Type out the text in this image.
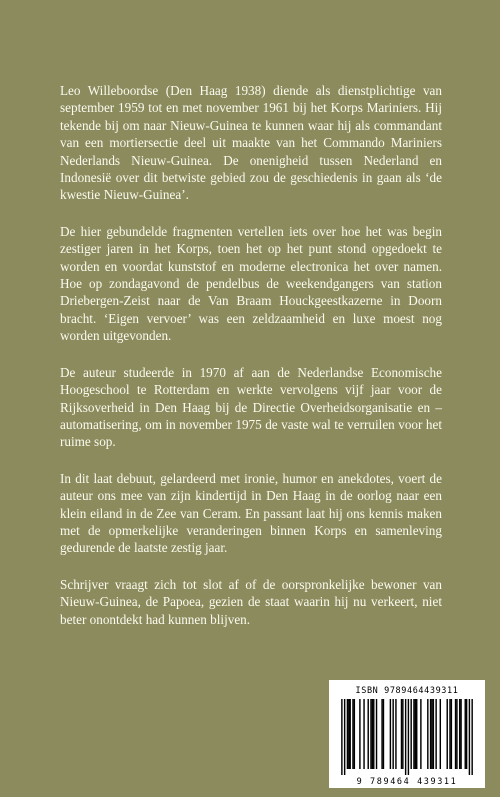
Leo Willeboordse (Den Haag 1938) diende als dienstplichtige van september 1959 tot en met november 1961 bij het Korps Mariniers. Hij tekende bij om naar Nieuw-Guinea te kunnen waar hij als commandant van een mortiersectie deel uit maakte van het Commando Mariniers Nederlands Nieuw-Guinea. De onenigheid tussen Nederland en Indonesië over dit betwiste gebied zou de geschiedenis in gaan als ‘de kwestie Nieuw-Guinea’.

De hier gebundelde fragmenten vertellen iets over hoe het was begin zestiger jaren in het Korps, toen het op het punt stond opgedoekt te worden en voordat kunststof en moderne electronica het over namen. Hoe op zondagavond de pendelbus de weekendgangers van station Driebergen-Zeist naar de Van Braam Houckgeestkazerne in Doorn bracht. ‘Eigen vervoer’ was een zeldzaamheid en luxe moest nog worden uitgevonden.

De auteur studeerde in 1970 af aan de Nederlandse Economische Hoogeschool te Rotterdam en werkte vervolgens vijf jaar voor de Rijksoverheid in Den Haag bij de Directie Overheidsorganisatie en –automatisering, om in november 1975 de vaste wal te verruilen voor het ruime sop.

In dit laat debuut, gelardeerd met ironie, humor en anekdotes, voert de auteur ons mee van zijn kindertijd in Den Haag in de oorlog naar een klein eiland in de Zee van Ceram. En passant laat hij ons kennis maken met de opmerkelijke veranderingen binnen Korps en samenleving gedurende de laatste zestig jaar.

Schrijver vraagt zich tot slot af of de oorspronkelijke bewoner van Nieuw-Guinea, de Papoea, gezien de staat waarin hij nu verkeert, niet beter onontdekt had kunnen blijven.

ISBN 9789464439311
9 789464 439311
